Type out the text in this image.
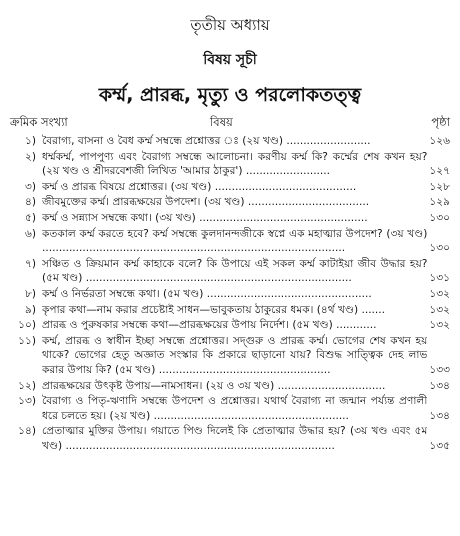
তৃতীয় অধ্যায়
বিষয় সূচী
কর্ম্ম, প্রারব্ধ, মৃত্যু ও পরলোকতত্ত্ব
ক্রমিক সংখ্যা	বিষয়	পৃষ্ঠা
১) বৈরাগ্য, বাসনা ও বৈধ কর্ম্ম সম্বন্ধে প্রশ্নোত্তর ঃ (২য় খণ্ড) .........................	১২৬
২) ধর্ম্মকর্ম্ম, পাপপুণ্য এবং বৈরাগ্য সম্বন্ধে আলোচনা। করণীয় কর্ম্ম কি? কর্ম্মের শেষ কখন হয়? (২য় খণ্ড ও শ্রীদরবেশজী লিখিত 'আমার ঠাকুর') .........................	১২৭
৩) কর্ম্ম ও প্রারব্ধ বিষয়ে প্রশ্নোত্তর। (৩য় খণ্ড) ..........................................	১২৮
৪) জীবমুক্তের কর্ম্ম। প্রারব্ধক্ষয়ের উপদেশ। (৩য় খণ্ড) ....................................	১২৯
৫) কর্ম্ম ও সন্ন্যাস সম্বন্ধে কথা। (৩য় খণ্ড) ..................................................	১৩০
৬) কতকাল কর্ম্ম করতে হবে? কর্ম্ম সম্বন্ধে কুলদানন্দজীকে স্বপ্নে এক মহাত্মার উপদেশ? (৩য় খণ্ড) ..........................................................................................	১৩০
৭) সঞ্চিত ও ক্রিয়মান কর্ম্ম কাহাকে বলে? কি উপায়ে এই সকল কর্ম্ম কাটাইয়া জীব উদ্ধার হয়? (৫ম খণ্ড) ...............................................................................	১৩১
৮) কর্ম্ম ও নির্ভরতা সম্বন্ধে কথা। (৫ম খণ্ড) .................................................	১৩২
৯) কৃপার কথা—নাম করার প্রচেষ্টাই সাধন—ভাবুকতায় ঠাকুরের ধমক। (৪র্থ খণ্ড) .......	১৩২
১০) প্রারব্ধ ও পুরুষকার সম্বন্ধে কথা—প্রারব্ধক্ষয়ের উপায় নির্দেশ। (৫ম খণ্ড) ............	১৩২
১১) কর্ম্ম, প্রারব্ধ ও স্বাধীন ইচ্ছা সম্বন্ধে প্রশ্নোত্তর। সদ্গুরু ও প্রারব্ধ কর্ম্ম। ভোগের শেষ কখন হয় থাকে? ভোগের হেতু অজ্ঞাত সংস্কার কি প্রকারে ছাড়ানো যায়? বিশুদ্ধ সাত্ত্বিক দেহ লাভ করার উপায় কি? (৫ম খণ্ড) ...................................................	১৩৩
১২) প্রারব্ধক্ষয়ের উৎকৃষ্ট উপায়—নামসাধন। (২য় ও ৩য় খণ্ড) ................................	১৩৪
১৩) বৈরাগ্য ও পিতৃ-ঋণাদি সম্বন্ধে উপদেশ ও প্রশ্নোত্তর। যথার্থ বৈরাগ্য না জন্মান পর্য্যন্ত প্রণালী ধরে চলতে হয়। (২য় খণ্ড) ..........................................................	১৩৪
১৪) প্রেতাত্মার মুক্তির উপায়। গয়াতে পিণ্ড দিলেই কি প্রেতাত্মার উদ্ধার হয়? (৩য় খণ্ড এবং ৫ম খণ্ড) ................................................................................	১৩৫
